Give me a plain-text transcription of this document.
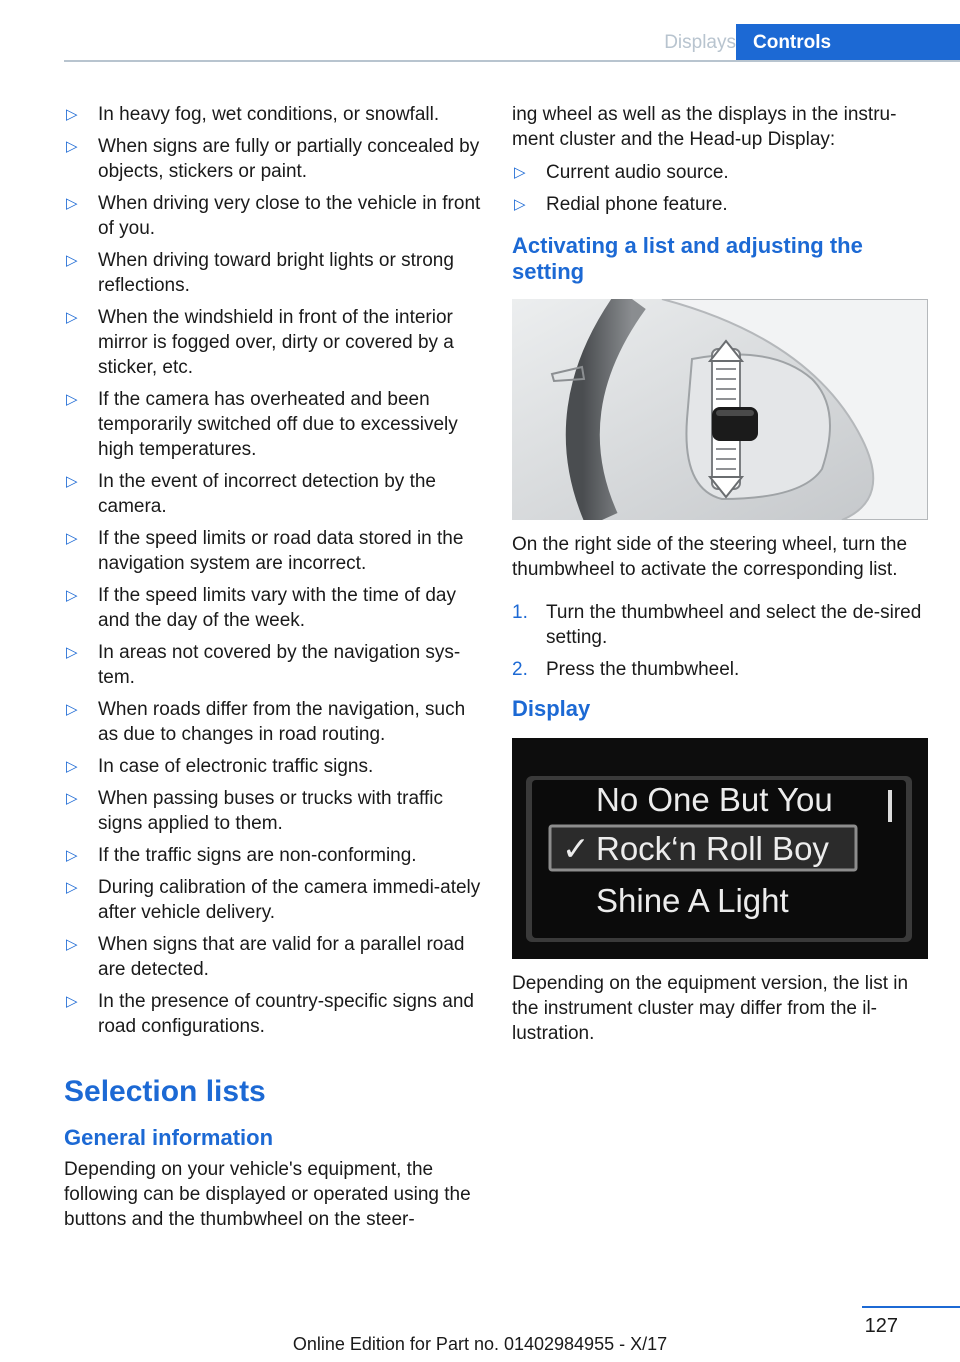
Displays Controls
▷	In heavy fog, wet conditions, or snowfall.
▷	When signs are fully or partially concealed by objects, stickers or paint.
▷	When driving very close to the vehicle in front of you.
▷	When driving toward bright lights or strong reflections.
▷	When the windshield in front of the interior mirror is fogged over, dirty or covered by a sticker, etc.
▷	If the camera has overheated and been temporarily switched off due to excessively high temperatures.
▷	In the event of incorrect detection by the camera.
▷	If the speed limits or road data stored in the navigation system are incorrect.
▷	If the speed limits vary with the time of day and the day of the week.
▷	In areas not covered by the navigation sys‐tem.
▷	When roads differ from the navigation, such as due to changes in road routing.
▷	In case of electronic traffic signs.
▷	When passing buses or trucks with traffic signs applied to them.
▷	If the traffic signs are non-conforming.
▷	During calibration of the camera immedi‐ately after vehicle delivery.
▷	When signs that are valid for a parallel road are detected.
▷	In the presence of country-specific signs and road configurations.
Selection lists
General information
Depending on your vehicle's equipment, the following can be displayed or operated using the buttons and the thumbwheel on the steer‐
ing wheel as well as the displays in the instru‐ment cluster and the Head-up Display:
▷	Current audio source.
▷	Redial phone feature.
Activating a list and adjusting the setting
On the right side of the steering wheel, turn the thumbwheel to activate the corresponding list.
1. Turn the thumbwheel and select the de‐sired setting.
2. Press the thumbwheel.
Display
No One But You
✓ Rock‘n Roll Boy
Shine A Light
Depending on the equipment version, the list in the instrument cluster may differ from the il‐lustration.
127
Online Edition for Part no. 01402984955 - X/17
